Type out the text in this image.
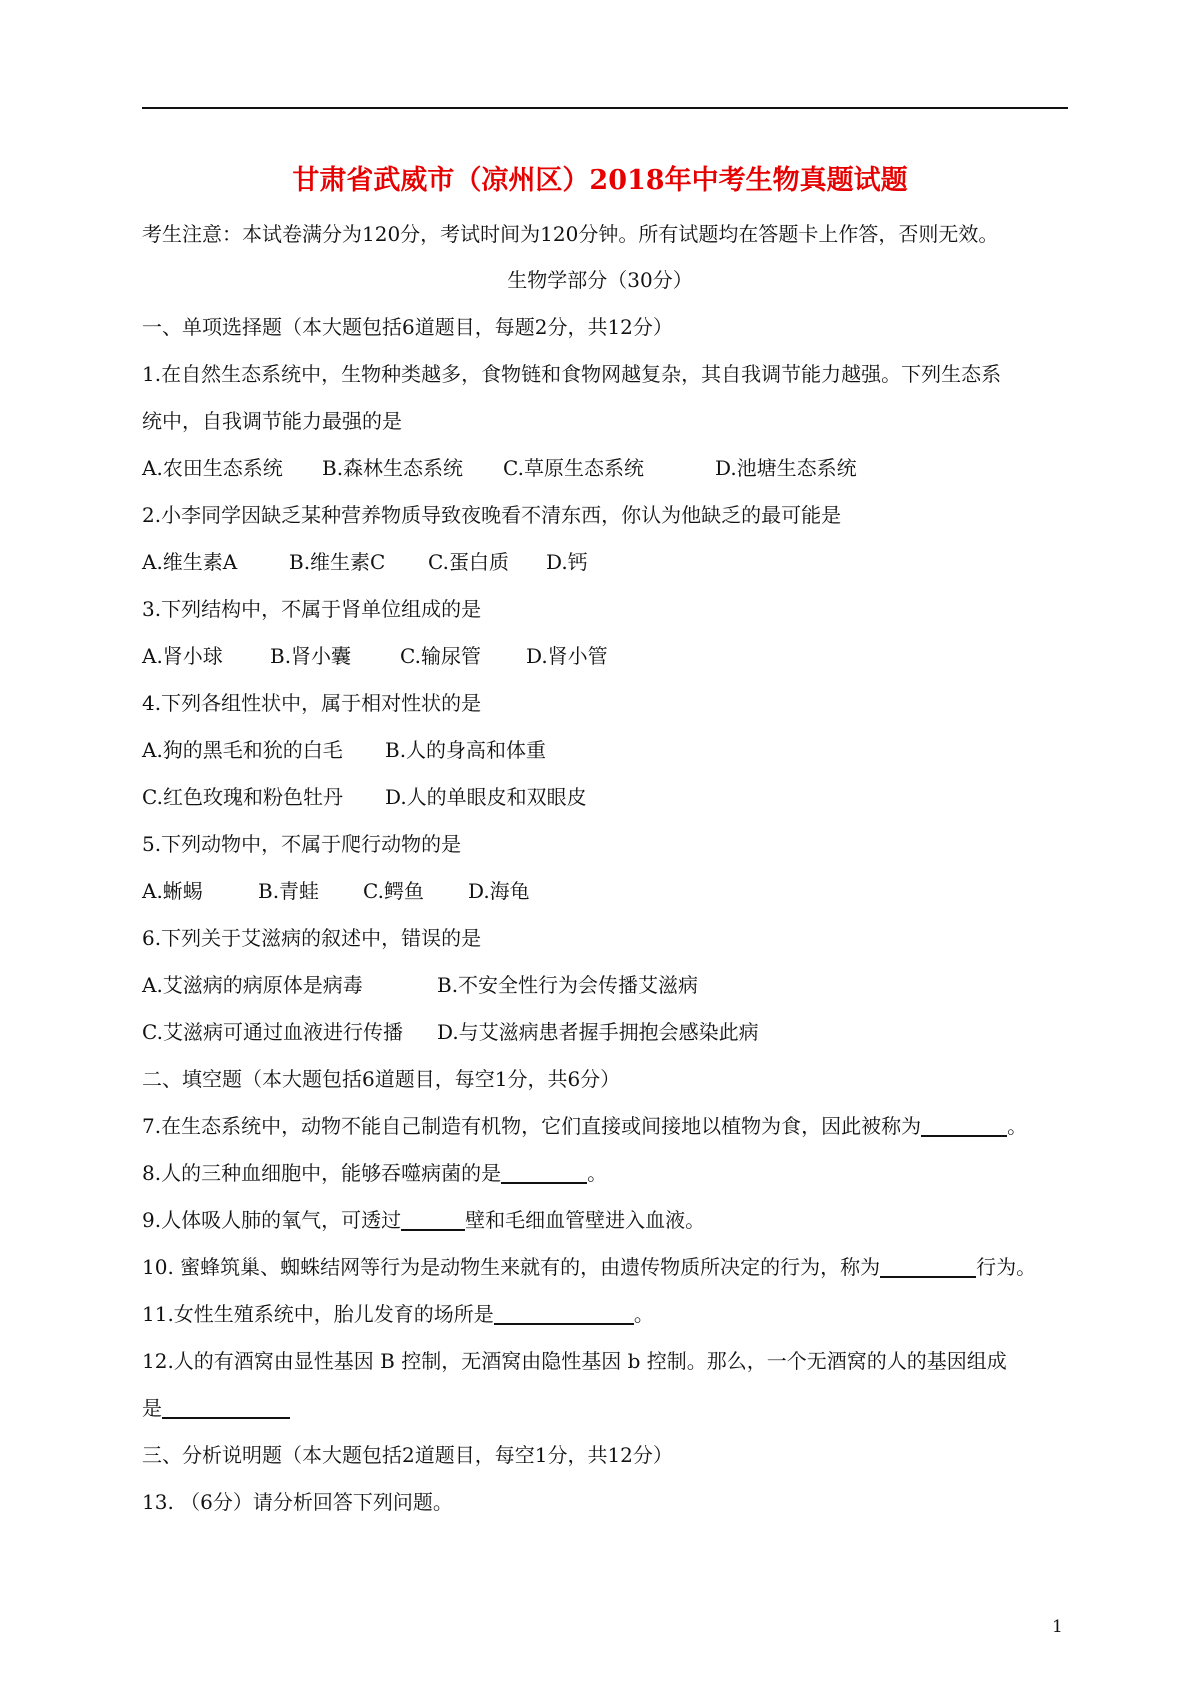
甘肃省武威市（凉州区）2018年中考生物真题试题
考生注意：本试卷满分为120分，考试时间为120分钟。所有试题均在答题卡上作答，否则无效。
生物学部分（30分）
一、单项选择题（本大题包括6道题目，每题2分，共12分）
1.在自然生态系统中，生物种类越多，食物链和食物网越复杂，其自我调节能力越强。下列生态系
统中，自我调节能力最强的是
A.农田生态系统 B.森林生态系统 C.草原生态系统	D.池塘生态系统
2.小李同学因缺乏某种营养物质导致夜晚看不清东西，你认为他缺乏的最可能是
A.维生素A	B.维生素C C.蛋白质 D.钙
3.下列结构中，不属于肾单位组成的是
A.肾小球 B.肾小囊 C.输尿管 D.肾小管
4.下列各组性状中，属于相对性状的是
A.狗的黑毛和狁的白毛 B.人的身高和体重
C.红色玫瑰和粉色牡丹 D.人的单眼皮和双眼皮
5.下列动物中，不属于爬行动物的是
A.蜥蜴	B.青蛙 C.鳄鱼 D.海龟
6.下列关于艾滋病的叙述中，错误的是
A.艾滋病的病原体是病毒	B.不安全性行为会传播艾滋病
C.艾滋病可通过血液进行传播 D.与艾滋病患者握手拥抱会感染此病
二、填空题（本大题包括6道题目，每空1分，共6分）
7.在生态系统中，动物不能自己制造有机物，它们直接或间接地以植物为食，因此被称为	。
8.人的三种血细胞中，能够吞噬病菌的是	。
9.人体吸人肺的氧气，可透过	壁和毛细血管壁进入血液。
10. 蜜蜂筑巢、蜘蛛结网等行为是动物生来就有的，由遗传物质所决定的行为，称为	行为。
11.女性生殖系统中，胎儿发育的场所是	。
12.人的有酒窝由显性基因 B 控制，无酒窝由隐性基因 b 控制。那么，一个无酒窝的人的基因组成
是
三、分析说明题（本大题包括2道题目，每空1分，共12分）
13. （6分）请分析回答下列问题。
1
